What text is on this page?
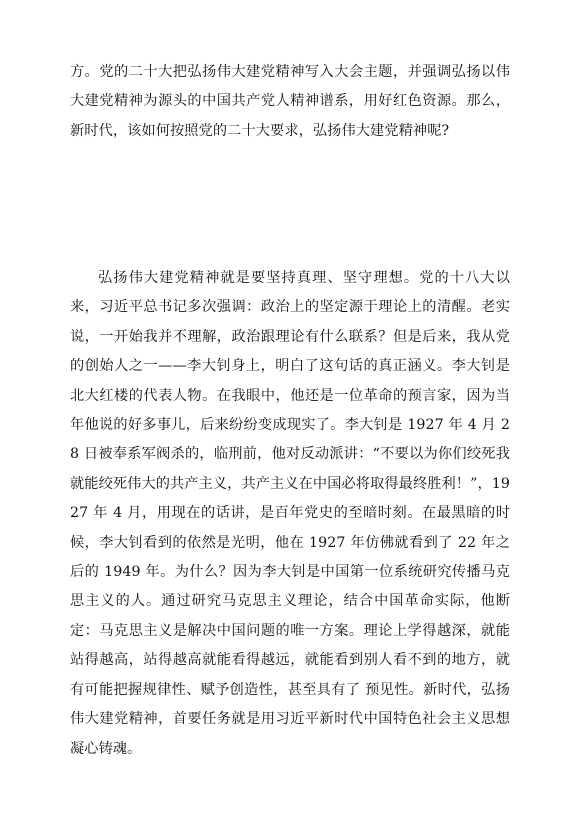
方。党的二十大把弘扬伟大建党精神写入大会主题，并强调弘扬以伟大建党精神为源头的中国共产党人精神谱系，用好红色资源。那么，新时代，该如何按照党的二十大要求，弘扬伟大建党精神呢?

弘扬伟大建党精神就是要坚持真理、坚守理想。党的十八大以来，习近平总书记多次强调：政治上的坚定源于理论上的清醒。老实说，一开始我并不理解，政治跟理论有什么联系？但是后来，我从党的创始人之一——李大钊身上，明白了这句话的真正涵义。李大钊是北大红楼的代表人物。在我眼中，他还是一位革命的预言家，因为当年他说的好多事儿，后来纷纷变成现实了。李大钊是 1927 年 4 月 28 日被奉系军阀杀的，临刑前，他对反动派讲：“不要以为你们绞死我就能绞死伟大的共产主义，共产主义在中国必将取得最终胜利！”，1927 年 4 月，用现在的话讲，是百年党史的至暗时刻。在最黑暗的时候，李大钊看到的依然是光明，他在 1927 年仿佛就看到了 22 年之后的 1949 年。为什么？因为李大钊是中国第一位系统研究传播马克思主义的人。通过研究马克思主义理论，结合中国革命实际，他断定：马克思主义是解决中国问题的唯一方案。理论上学得越深，就能站得越高，站得越高就能看得越远，就能看到别人看不到的地方，就有可能把握规律性、赋予创造性，甚至具有了 预见性。新时代，弘扬伟大建党精神，首要任务就是用习近平新时代中国特色社会主义思想凝心铸魂。
